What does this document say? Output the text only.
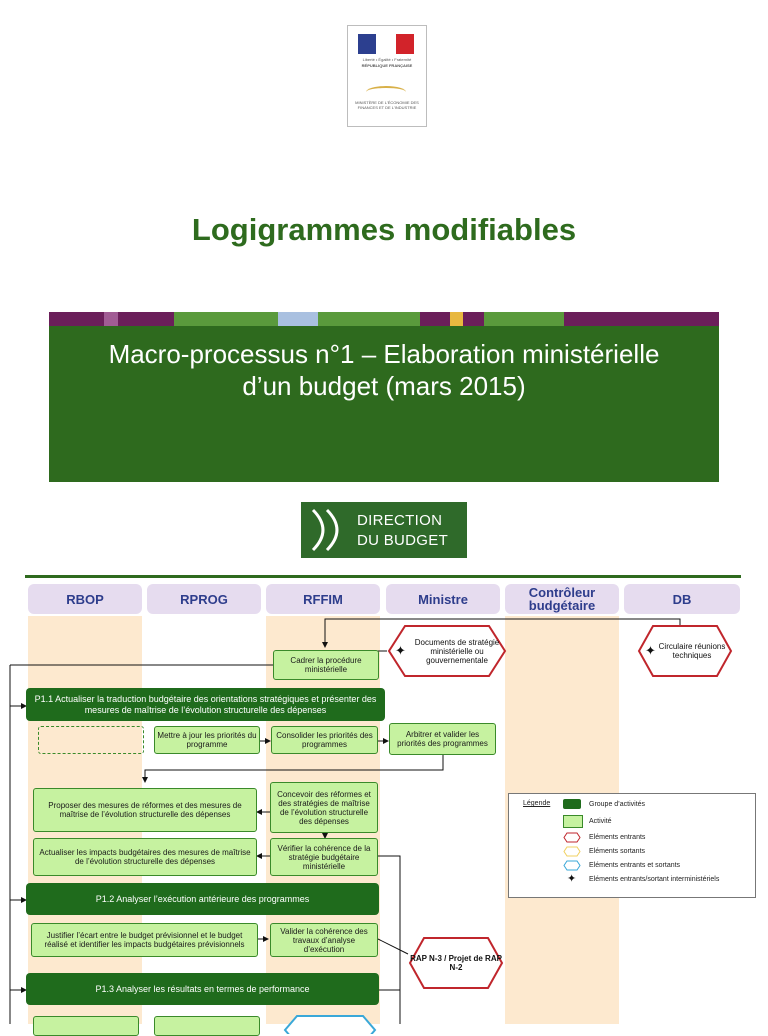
Liberté • Égalité • Fraternité
RÉPUBLIQUE FRANÇAISE
MINISTÈRE DE L'ÉCONOMIE DES FINANCES ET DE L'INDUSTRIE
Logigrammes modifiables
Macro-processus n°1 – Elaboration ministérielle
d’un budget (mars 2015)
DIRECTION
DU BUDGET
RBOP	RPROG	RFFIM	Ministre	Contrôleur budgétaire	DB
Documents de stratégie ministérielle ou gouvernementale
✦	Circulaire réunions techniques
✦
RAP N-3 / Projet de RAP N-2
Cadrer la procédure ministérielle
P1.1 Actualiser la traduction budgétaire des orientations stratégiques et présenter des mesures de maîtrise de l’évolution structurelle des dépenses
Mettre à jour les priorités du programme
Consolider les priorités des programmes
Arbitrer et valider les priorités des programmes
Concevoir des réformes et des stratégies de maîtrise de l’évolution structurelle des dépenses
Proposer des mesures de réformes et des mesures de maîtrise de l’évolution structurelle des dépenses
Actualiser les impacts budgétaires des mesures de maîtrise de l’évolution structurelle des dépenses
Vérifier la cohérence de la stratégie budgétaire ministérielle
P1.2 Analyser l’exécution antérieure des programmes
Justifier l’écart entre le budget prévisionnel et le budget réalisé et identifier les impacts budgétaires prévisionnels
Valider la cohérence des travaux d’analyse d’exécution
P1.3 Analyser les résultats en termes de performance
Légende	Groupe d’activités
Activité
Eléments entrants
Eléments sortants
Eléments entrants et sortants
✦ Eléments entrants/sortant interministériels
